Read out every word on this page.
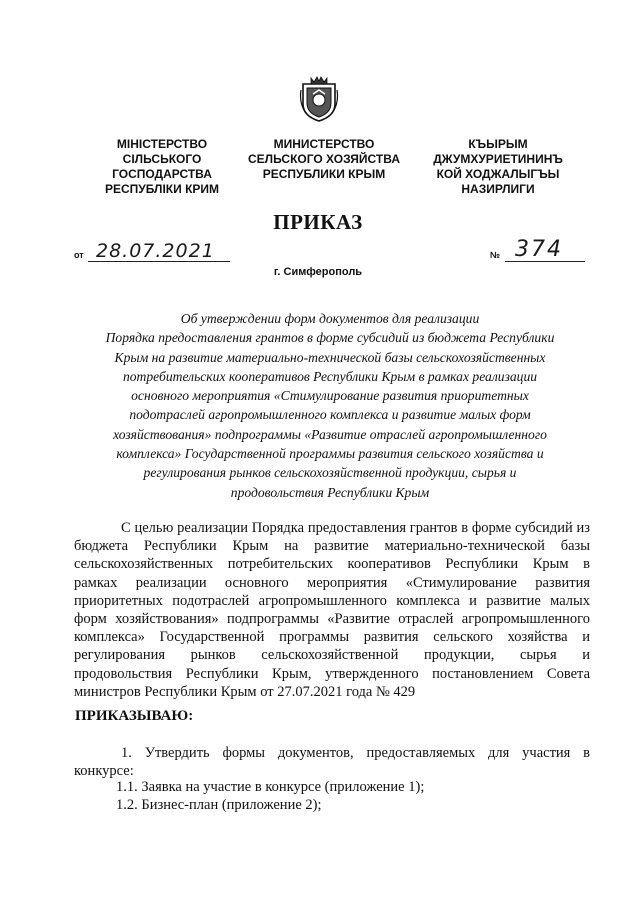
МІНІСТЕРСТВО
СІЛЬСЬКОГО
ГОСПОДАРСТВА
РЕСПУБЛІКИ КРИМ
МИНИСТЕРСТВО
СЕЛЬСКОГО ХОЗЯЙСТВА
РЕСПУБЛИКИ КРЫМ
КЪЫРЫМ
ДЖУМХУРИЕТИНИНЪ
КОЙ ХОДЖАЛЫГЪЫ
НАЗИРЛИГИ
ПРИКАЗ
от 28.07.2021	№ 374
г. Симферополь
Об утверждении форм документов для реализации
Порядка предоставления грантов в форме субсидий из бюджета Республики
Крым на развитие материально-технической базы сельскохозяйственных
потребительских кооперативов Республики Крым в рамках реализации
основного мероприятия «Стимулирование развития приоритетных
подотраслей агропромышленного комплекса и развитие малых форм
хозяйствования» подпрограммы «Развитие отраслей агропромышленного
комплекса» Государственной программы развития сельского хозяйства и
регулирования рынков сельскохозяйственной продукции, сырья и
продовольствия Республики Крым
С целью реализации Порядка предоставления грантов в форме субсидий из
бюджета Республики Крым на развитие материально-технической базы
сельскохозяйственных потребительских кооперативов Республики Крым в
рамках реализации основного мероприятия «Стимулирование развития
приоритетных подотраслей агропромышленного комплекса и развитие малых
форм хозяйствования» подпрограммы «Развитие отраслей агропромышленного
комплекса» Государственной программы развития сельского хозяйства и
регулирования рынков сельскохозяйственной продукции, сырья и
продовольствия Республики Крым, утвержденного постановлением Совета
министров Республики Крым от 27.07.2021 года № 429
ПРИКАЗЫВАЮ:
1. Утвердить формы документов, предоставляемых для участия в
конкурсе:
1.1. Заявка на участие в конкурсе (приложение 1);
1.2. Бизнес-план (приложение 2);
